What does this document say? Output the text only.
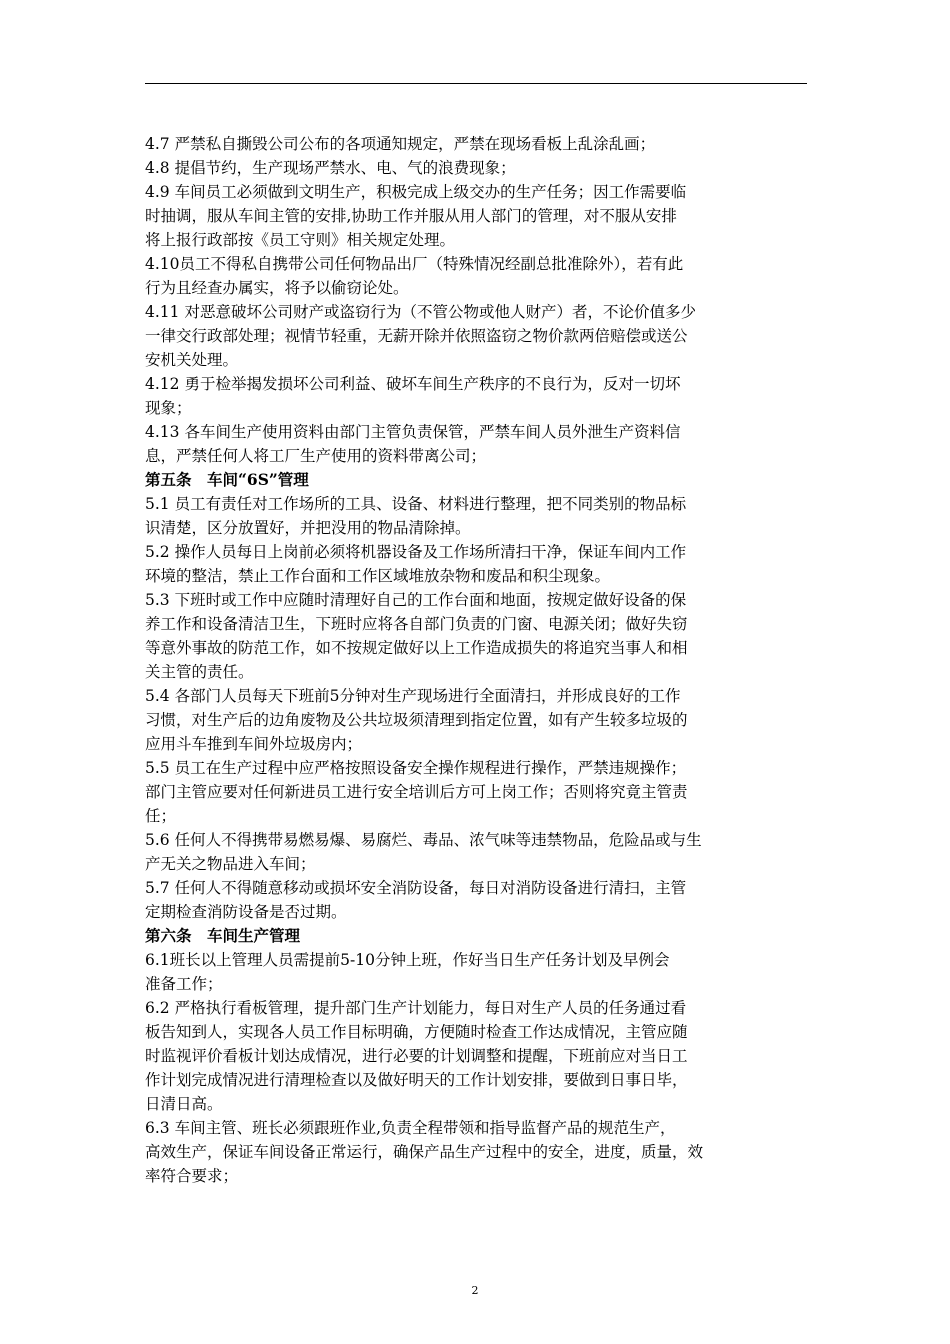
4.7 严禁私自撕毁公司公布的各项通知规定，严禁在现场看板上乱涂乱画；
4.8 提倡节约，生产现场严禁水、电、气的浪费现象；
4.9 车间员工必须做到文明生产，积极完成上级交办的生产任务；因工作需要临
时抽调，服从车间主管的安排,协助工作并服从用人部门的管理，对不服从安排
将上报行政部按《员工守则》相关规定处理。
4.10员工不得私自携带公司任何物品出厂（特殊情况经副总批准除外），若有此
行为且经查办属实，将予以偷窃论处。
4.11 对恶意破坏公司财产或盗窃行为（不管公物或他人财产）者，不论价值多少
一律交行政部处理；视情节轻重，无薪开除并依照盗窃之物价款两倍赔偿或送公
安机关处理。
4.12 勇于检举揭发损坏公司利益、破坏车间生产秩序的不良行为，反对一切坏
现象；
4.13 各车间生产使用资料由部门主管负责保管，严禁车间人员外泄生产资料信
息，严禁任何人将工厂生产使用的资料带离公司；
第五条　车间“6S”管理
5.1 员工有责任对工作场所的工具、设备、材料进行整理，把不同类别的物品标
识清楚，区分放置好，并把没用的物品清除掉。
5.2 操作人员每日上岗前必须将机器设备及工作场所清扫干净，保证车间内工作
环境的整洁，禁止工作台面和工作区域堆放杂物和废品和积尘现象。
5.3 下班时或工作中应随时清理好自己的工作台面和地面，按规定做好设备的保
养工作和设备清洁卫生，下班时应将各自部门负责的门窗、电源关闭；做好失窃
等意外事故的防范工作，如不按规定做好以上工作造成损失的将追究当事人和相
关主管的责任。
5.4 各部门人员每天下班前5分钟对生产现场进行全面清扫，并形成良好的工作
习惯，对生产后的边角废物及公共垃圾须清理到指定位置，如有产生较多垃圾的
应用斗车推到车间外垃圾房内；
5.5 员工在生产过程中应严格按照设备安全操作规程进行操作，严禁违规操作；
部门主管应要对任何新进员工进行安全培训后方可上岗工作；否则将究竟主管责
任；
5.6 任何人不得携带易燃易爆、易腐烂、毒品、浓气味等违禁物品，危险品或与生
产无关之物品进入车间；
5.7 任何人不得随意移动或损坏安全消防设备，每日对消防设备进行清扫，主管
定期检查消防设备是否过期。
第六条　车间生产管理
6.1班长以上管理人员需提前5-10分钟上班，作好当日生产任务计划及早例会
准备工作；
6.2 严格执行看板管理，提升部门生产计划能力，每日对生产人员的任务通过看
板告知到人，实现各人员工作目标明确，方便随时检查工作达成情况，主管应随
时监视评价看板计划达成情况，进行必要的计划调整和提醒，下班前应对当日工
作计划完成情况进行清理检查以及做好明天的工作计划安排，要做到日事日毕，
日清日高。
6.3 车间主管、班长必须跟班作业,负责全程带领和指导监督产品的规范生产，
高效生产，保证车间设备正常运行，确保产品生产过程中的安全，进度，质量，效
率符合要求；
2
